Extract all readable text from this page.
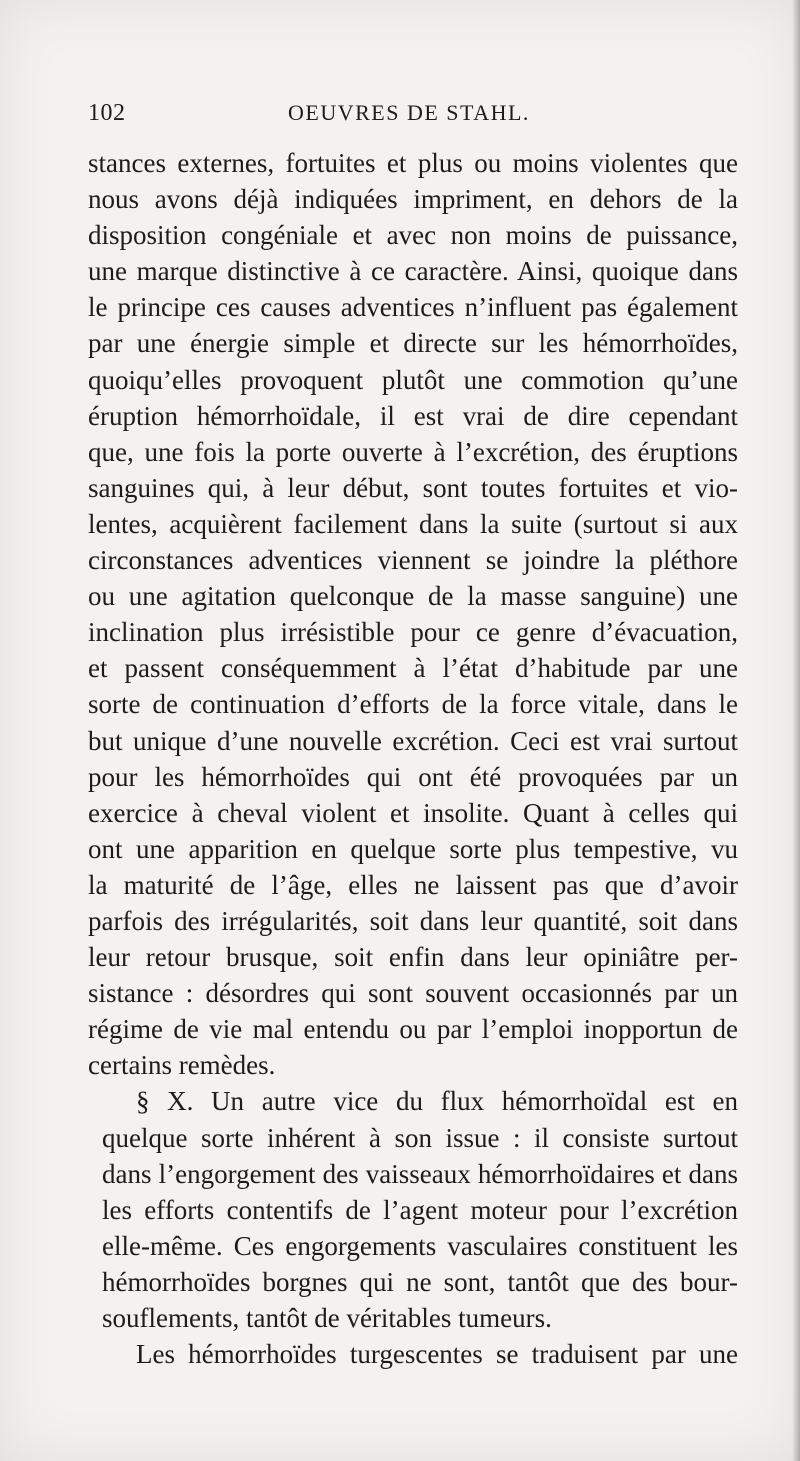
102	OEUVRES DE STAHL.
stances externes, fortuites et plus ou moins violentes que
nous avons déjà indiquées impriment, en dehors de la
disposition congéniale et avec non moins de puissance,
une marque distinctive à ce caractère. Ainsi, quoique dans
le principe ces causes adventices n’influent pas également
par une énergie simple et directe sur les hémorrhoïdes,
quoiqu’elles provoquent plutôt une commotion qu’une
éruption hémorrhoïdale, il est vrai de dire cependant
que, une fois la porte ouverte à l’excrétion, des éruptions
sanguines qui, à leur début, sont toutes fortuites et vio-
lentes, acquièrent facilement dans la suite (surtout si aux
circonstances adventices viennent se joindre la pléthore
ou une agitation quelconque de la masse sanguine) une
inclination plus irrésistible pour ce genre d’évacuation,
et passent conséquemment à l’état d’habitude par une
sorte de continuation d’efforts de la force vitale, dans le
but unique d’une nouvelle excrétion. Ceci est vrai surtout
pour les hémorrhoïdes qui ont été provoquées par un
exercice à cheval violent et insolite. Quant à celles qui
ont une apparition en quelque sorte plus tempestive, vu
la maturité de l’âge, elles ne laissent pas que d’avoir
parfois des irrégularités, soit dans leur quantité, soit dans
leur retour brusque, soit enfin dans leur opiniâtre per-
sistance : désordres qui sont souvent occasionnés par un
régime de vie mal entendu ou par l’emploi inopportun de
certains remèdes.
§ X. Un autre vice du flux hémorrhoïdal est en
quelque sorte inhérent à son issue : il consiste surtout
dans l’engorgement des vaisseaux hémorrhoïdaires et dans
les efforts contentifs de l’agent moteur pour l’excrétion
elle-même. Ces engorgements vasculaires constituent les
hémorrhoïdes borgnes qui ne sont, tantôt que des bour-
souflements, tantôt de véritables tumeurs.
Les hémorrhoïdes turgescentes se traduisent par une
